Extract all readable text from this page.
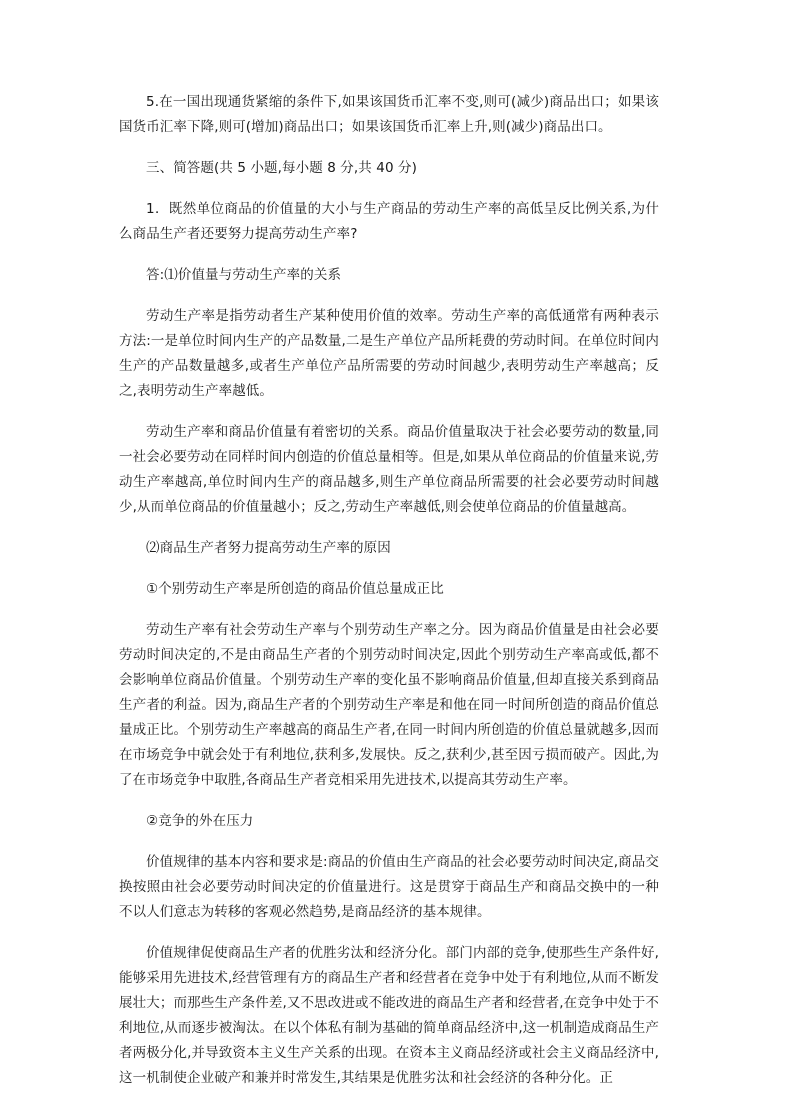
5.在一国出现通货紧缩的条件下,如果该国货币汇率不变,则可(减少)商品出口；如果该国货币汇率下降,则可(增加)商品出口；如果该国货币汇率上升,则(减少)商品出口。

三、简答题(共 5 小题,每小题 8 分,共 40 分)

1．既然单位商品的价值量的大小与生产商品的劳动生产率的高低呈反比例关系,为什么商品生产者还要努力提高劳动生产率?

答:⑴价值量与劳动生产率的关系

劳动生产率是指劳动者生产某种使用价值的效率。劳动生产率的高低通常有两种表示方法:一是单位时间内生产的产品数量,二是生产单位产品所耗费的劳动时间。在单位时间内生产的产品数量越多,或者生产单位产品所需要的劳动时间越少,表明劳动生产率越高；反之,表明劳动生产率越低。

劳动生产率和商品价值量有着密切的关系。商品价值量取决于社会必要劳动的数量,同一社会必要劳动在同样时间内创造的价值总量相等。但是,如果从单位商品的价值量来说,劳动生产率越高,单位时间内生产的商品越多,则生产单位商品所需要的社会必要劳动时间越少,从而单位商品的价值量越小；反之,劳动生产率越低,则会使单位商品的价值量越高。

⑵商品生产者努力提高劳动生产率的原因

①个别劳动生产率是所创造的商品价值总量成正比

劳动生产率有社会劳动生产率与个别劳动生产率之分。因为商品价值量是由社会必要劳动时间决定的,不是由商品生产者的个别劳动时间决定,因此个别劳动生产率高或低,都不会影响单位商品价值量。个别劳动生产率的变化虽不影响商品价值量,但却直接关系到商品生产者的利益。因为,商品生产者的个别劳动生产率是和他在同一时间所创造的商品价值总量成正比。个别劳动生产率越高的商品生产者,在同一时间内所创造的价值总量就越多,因而在市场竞争中就会处于有利地位,获利多,发展快。反之,获利少,甚至因亏损而破产。因此,为了在市场竞争中取胜,各商品生产者竞相采用先进技术,以提高其劳动生产率。

②竞争的外在压力

价值规律的基本内容和要求是:商品的价值由生产商品的社会必要劳动时间决定,商品交换按照由社会必要劳动时间决定的价值量进行。这是贯穿于商品生产和商品交换中的一种不以人们意志为转移的客观必然趋势,是商品经济的基本规律。

价值规律促使商品生产者的优胜劣汰和经济分化。部门内部的竞争,使那些生产条件好,能够采用先进技术,经营管理有方的商品生产者和经营者在竞争中处于有利地位,从而不断发展壮大；而那些生产条件差,又不思改进或不能改进的商品生产者和经营者,在竞争中处于不利地位,从而逐步被淘汰。在以个体私有制为基础的简单商品经济中,这一机制造成商品生产者两极分化,并导致资本主义生产关系的出现。在资本主义商品经济或社会主义商品经济中,这一机制使企业破产和兼并时常发生,其结果是优胜劣汰和社会经济的各种分化。正
